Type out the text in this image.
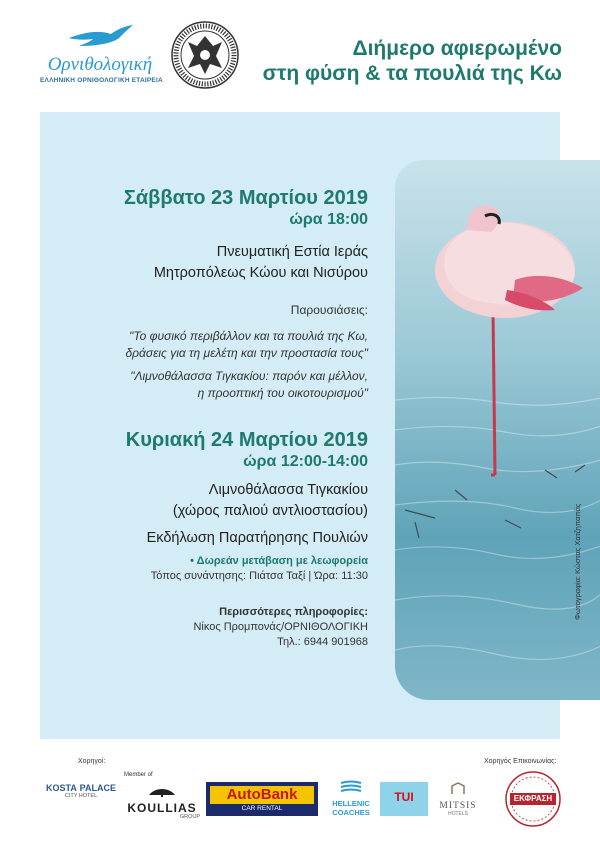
Ορνιθολογική
ΕΛΛΗΝΙΚΗ ΟΡΝΙΘΟΛΟΓΙΚΗ ΕΤΑΙΡΕΙΑ
Διήμερο αφιερωμένο
στη φύση & τα πουλιά της Κω
Φωτογραφία: Κώστας Χατζηπαπάς
Σάββατο 23 Μαρτίου 2019
ώρα 18:00
Πνευματική Εστία Ιεράς
Μητροπόλεως Κώου και Νισύρου
Παρουσιάσεις:
"Το φυσικό περιβάλλον και τα πουλιά της Κω,
δράσεις για τη μελέτη και την προστασία τους"
"Λιμνοθάλασσα Τιγκακίου: παρόν και μέλλον,
η προοπτική του οικοτουρισμού"
Κυριακή 24 Μαρτίου 2019
ώρα 12:00-14:00
Λιμνοθάλασσα Τιγκακίου
(χώρος παλιού αντλιοστασίου)
Εκδήλωση Παρατήρησης Πουλιών
• Δωρεάν μετάβαση με λεωφορεία
Τόπος συνάντησης: Πιάτσα Ταξί | Ώρα: 11:30
Περισσότερες πληροφορίες:
Νίκος Προμπονάς/ΟΡΝΙΘΟΛΟΓΙΚΗ
Τηλ.: 6944 901968
Χορηγοί:	Χορηγός Επικοινωνίας:
Member of
KOSTA PALACE
CITY HOTEL
KOULLIAS
GROUP
AutoBank
CAR RENTAL
HELLENIC
COACHES
TUI
MITSIS
HOTELS
ΕΚΦΡΑΣΗ
